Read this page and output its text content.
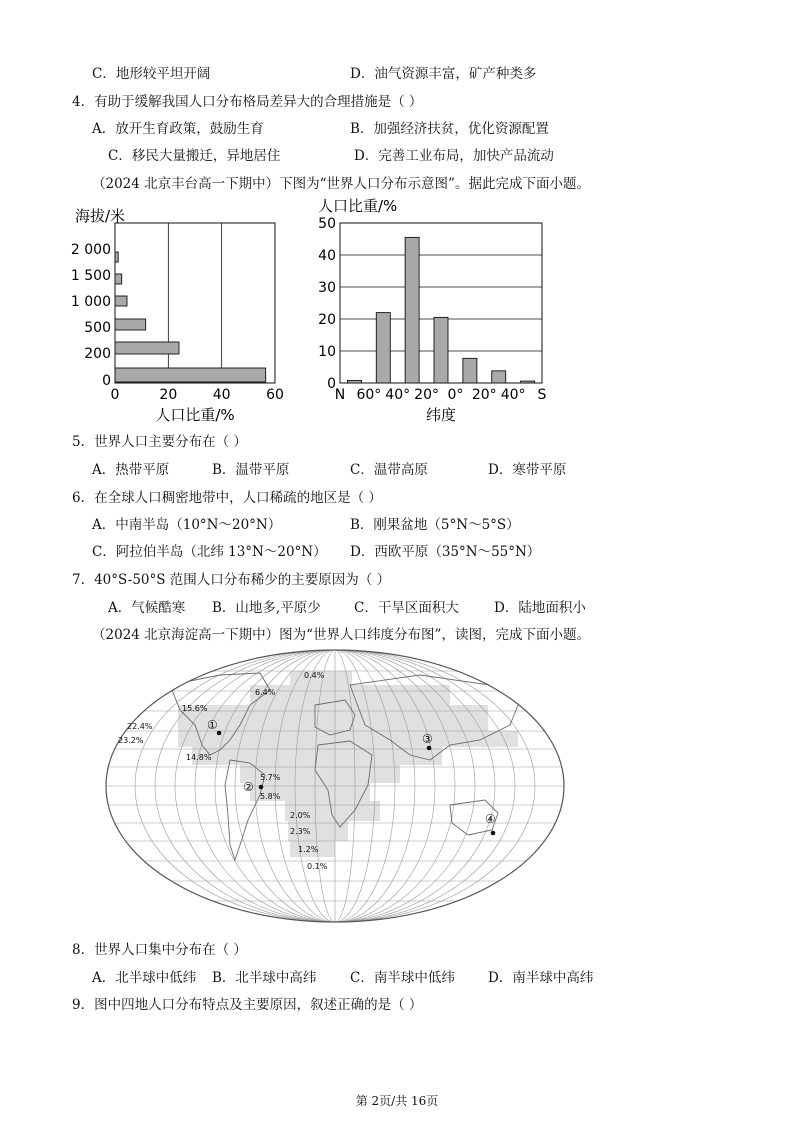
C．地形较平坦开阔	D．油气资源丰富，矿产种类多
4．有助于缓解我国人口分布格局差异大的合理措施是（ ）
A．放开生育政策，鼓励生育	B．加强经济扶贫，优化资源配置
C．移民大量搬迁，异地居住	D．完善工业布局，加快产品流动
（2024 北京丰台高一下期中）下图为“世界人口分布示意图”。据此完成下面小题。
海拔/米
0
200
500
1 000
1 500
2 000
0	20	40	60
人口比重/%
人口比重/%
0
10
20
30
40
50
N 60° 40° 20° 0° 20° 40° S
纬度
5．世界人口主要分布在（ ）
A．热带平原	B．温带平原	C．温带高原	D．寒带平原
6．在全球人口稠密地带中，人口稀疏的地区是（ ）
A．中南半岛（10°N～20°N）	B．刚果盆地（5°N～5°S）
C．阿拉伯半岛（北纬 13°N～20°N） D．西欧平原（35°N～55°N）
7．40°S-50°S 范围人口分布稀少的主要原因为（ ）
A．气候酷寒 B．山地多,平原少 C．干旱区面积大	D．陆地面积小
（2024 北京海淀高一下期中）图为“世界人口纬度分布图”，读图，完成下面小题。
0.4%
6.4%
15.6%
22.4%
23.2%
14.8%
5.7%
5.8%
2.0%
2.3%
1.2%
0.1%
①
②
③
④
8．世界人口集中分布在（ ）
A．北半球中低纬 B．北半球中高纬 C．南半球中低纬 D．南半球中高纬
9．图中四地人口分布特点及主要原因，叙述正确的是（ ）
第 2页/共 16页
